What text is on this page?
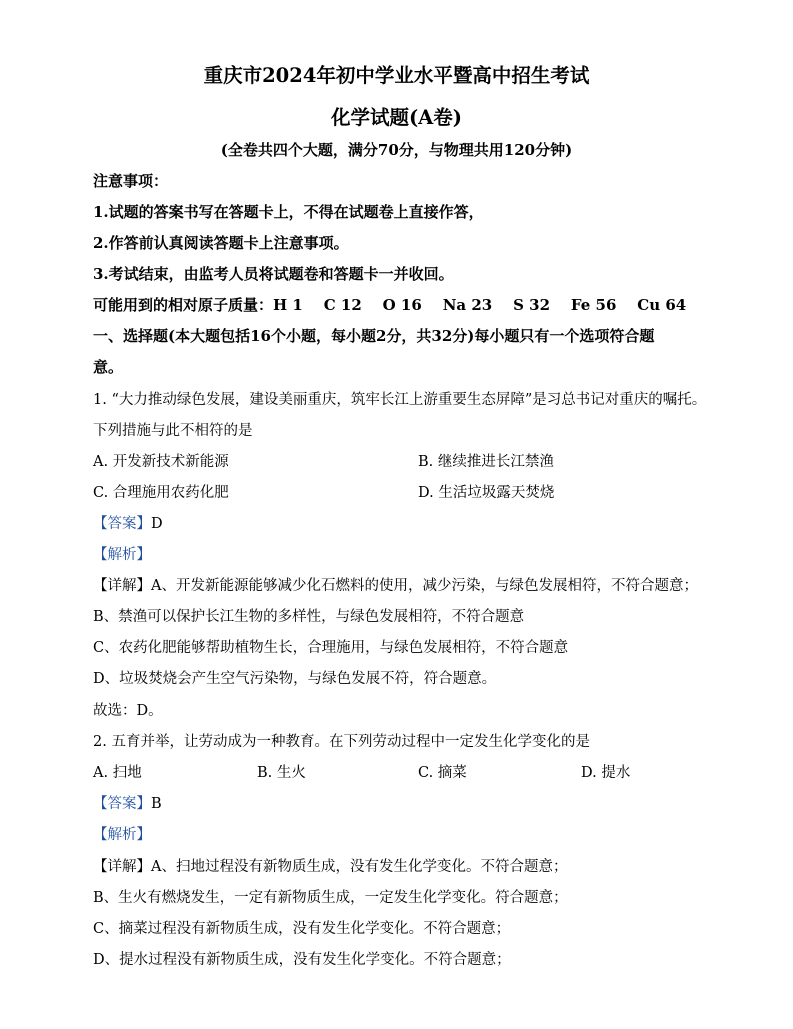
重庆市2024年初中学业水平暨高中招生考试
化学试题(A卷)
(全卷共四个大题，满分70分，与物理共用120分钟)
注意事项：
1.试题的答案书写在答题卡上，不得在试题卷上直接作答，
2.作答前认真阅读答题卡上注意事项。
3.考试结束，由监考人员将试题卷和答题卡一并收回。
可能用到的相对原子质量：H 1    C 12    O 16    Na 23    S 32    Fe 56    Cu 64
一、选择题(本大题包括16个小题，每小题2分，共32分)每小题只有一个选项符合题
意。
1. “大力推动绿色发展，建设美丽重庆，筑牢长江上游重要生态屏障”是习总书记对重庆的嘱托。
下列措施与此不相符的是
A. 开发新技术新能源	B. 继续推进长江禁渔
C. 合理施用农药化肥	D. 生活垃圾露天焚烧
【答案】D
【解析】
【详解】A、开发新能源能够减少化石燃料的使用，减少污染，与绿色发展相符，不符合题意；
B、禁渔可以保护长江生物的多样性，与绿色发展相符，不符合题意
C、农药化肥能够帮助植物生长，合理施用，与绿色发展相符，不符合题意
D、垃圾焚烧会产生空气污染物，与绿色发展不符，符合题意。
故选：D。
2. 五育并举，让劳动成为一种教育。在下列劳动过程中一定发生化学变化的是
A. 扫地	B. 生火	C. 摘菜	D. 提水
【答案】B
【解析】
【详解】A、扫地过程没有新物质生成，没有发生化学变化。不符合题意；
B、生火有燃烧发生，一定有新物质生成，一定发生化学变化。符合题意；
C、摘菜过程没有新物质生成，没有发生化学变化。不符合题意；
D、提水过程没有新物质生成，没有发生化学变化。不符合题意；
